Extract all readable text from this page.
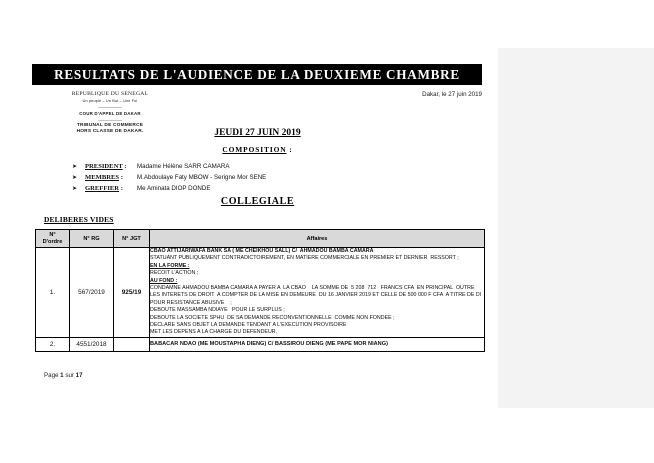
RESULTATS DE L'AUDIENCE DE LA DEUXIEME CHAMBRE
REPUBLIQUE DU SENEGAL
Un peuple – Un But – Une Foi
-----------------------
COUR D'APPEL DE DAKAR
-----------------------
TRIBUNAL DE COMMERCE
HORS CLASSE DE DAKAR.
Dakar, le 27 juin 2019
JEUDI 27 JUIN 2019
COMPOSITION :
➤	PRESIDENT :	Madame Hélène SARR CAMARA
➤	MEMBRES :	M.Abdoulaye Faty MBOW - Serigne Mor SENE
➤	GREFFIER :	Me Aminata DIOP DONDE
COLLEGIALE
DELIBERES VIDES
N°
D'ordre	N° RG	N° JGT	Affaires
1.	567/2019	925/19	
CBAO ATTIJARIWAFA BANK SA ( ME CHEIKHOU SALL) C/  AHMADOU BAMBA CAMARA
STATUANT PUBLIQUEMENT CONTRADICTOIREMENT, EN MATIERE COMMERCIALE EN PREMIER ET DERNIER  RESSORT ;
EN LA FORME :
RECOIT L'ACTION ;
AU FOND :
CONDAMNE AHMADOU BAMBA CAMARA A PAYER A  LA CBAO    LA SOMME DE  5 208  712   FRANCS CFA  EN PRINCIPAL  OUTRE
LES INTERETS DE DROIT  A COMPTER DE LA MISE EN DEMEURE  DU 16 JANVIER 2019 ET CELLE DE 500 000 F CFA  A TITRE DE DI
POUR RESISTANCE ABUSIVE    ;
DEBOUTE MASSAMBA NDIAYE   POUR LE SURPLUS ;
DEBOUTE LA SOCIETE SPHU  DE SA DEMANDE RECONVENTIONNELLE  COMME NON FONDEE ;
DECLARE SANS OBJET LA DEMANDE TENDANT A L'EXECUTION PROVISOIRE
MET LES DEPENS A LA CHARGE DU DEFENDEUR.

2.	4551/2018		BABACAR NDAO (ME MOUSTAPHA DIENG) C/ BASSIROU DIENG (ME PAPE MOR NIANG)
Page 1 sur 17
